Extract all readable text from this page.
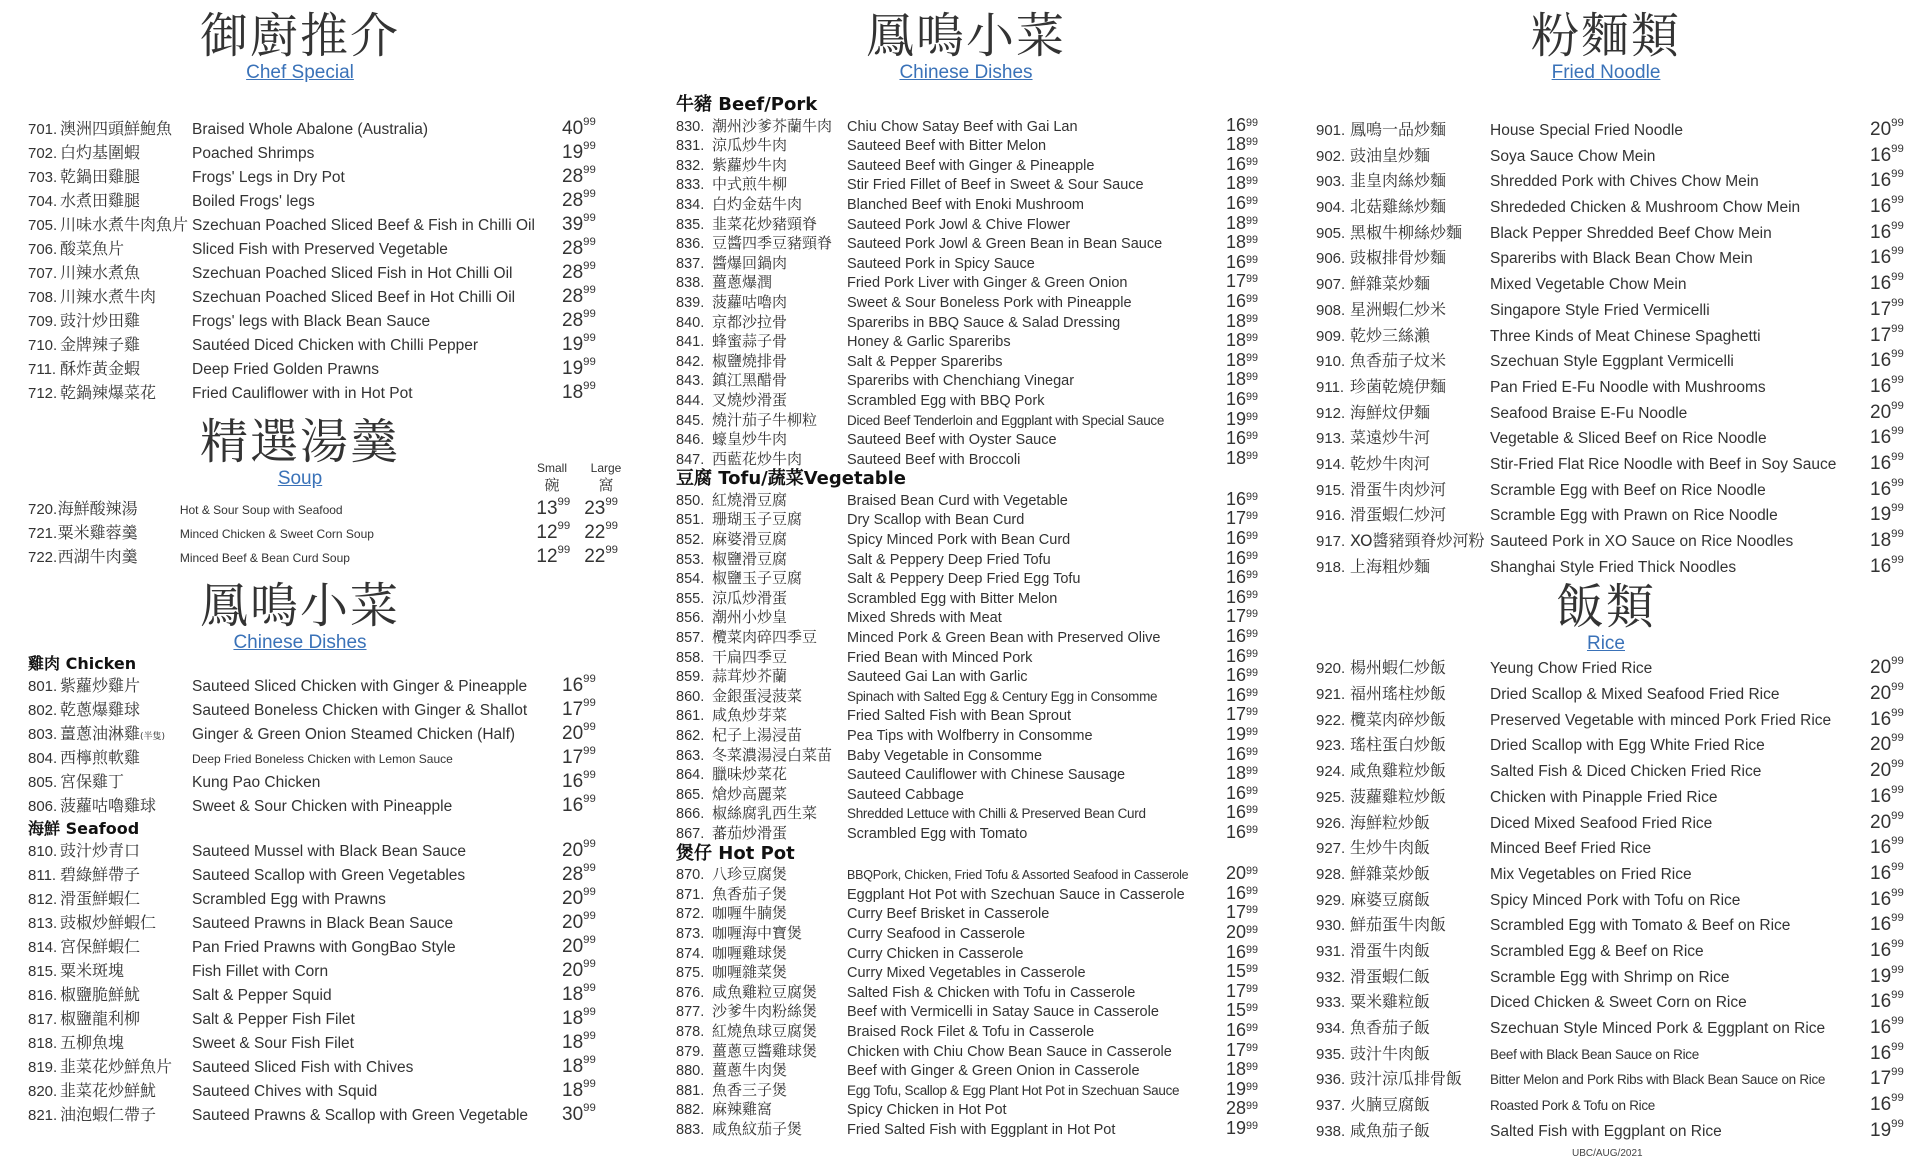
御廚推介
Chef Special
701. 澳洲四頭鮮鮑魚	Braised Whole Abalone (Australia)	$40^{99}$
702. 白灼基圍蝦	Poached Shrimps	$19^{99}$
703. 乾鍋田雞腿	Frogs' Legs in Dry Pot	$28^{99}$
704. 水煮田雞腿	Boiled Frogs' legs	$28^{99}$
705. 川味水煮牛肉魚片 Szechuan Poached Sliced Beef & Fish in Chilli Oil	$39^{99}$
706. 酸菜魚片	Sliced Fish with Preserved Vegetable	$28^{99}$
707. 川辣水煮魚	Szechuan Poached Sliced Fish in Hot Chilli Oil	$28^{99}$
708. 川辣水煮牛肉	Szechuan Poached Sliced Beef in Hot Chilli Oil	$28^{99}$
709. 豉汁炒田雞	Frogs' legs with Black Bean Sauce	$28^{99}$
710. 金牌辣子雞	Sautéed Diced Chicken with Chilli Pepper	$19^{99}$
711. 酥炸黃金蝦	Deep Fried Golden Prawns	$19^{99}$
712. 乾鍋辣爆菜花	Fried Cauliflower with in Hot Pot	$18^{99}$
精選湯羹
Soup	Small
碗
Large
窩
720. 海鮮酸辣湯	Hot & Sour Soup with Seafood	$13^{99}$ $23^{99}$
721. 粟米雞蓉羹	Minced Chicken & Sweet Corn Soup	$12^{99}$ $22^{99}$
722. 西湖牛肉羹	Minced Beef & Bean Curd Soup	$12^{99}$ $22^{99}$
鳳鳴小菜
Chinese Dishes
雞肉 Chicken
801. 紫蘿炒雞片	Sauteed Sliced Chicken with Ginger & Pineapple	$16^{99}$
802. 乾蔥爆雞球	Sauteed Boneless Chicken with Ginger & Shallot	$17^{99}$
803. 薑蔥油淋雞(半隻)	Ginger & Green Onion Steamed Chicken (Half)	$20^{99}$
804. 西檸煎軟雞	Deep Fried Boneless Chicken with Lemon Sauce	$17^{99}$
805. 宮保雞丁	Kung Pao Chicken	$16^{99}$
806. 菠蘿咕嚕雞球	Sweet & Sour Chicken with Pineapple	$16^{99}$
海鮮 Seafood
810. 豉汁炒青口	Sauteed Mussel with Black Bean Sauce	$20^{99}$
811. 碧綠鮮帶子	Sauteed Scallop with Green Vegetables	$28^{99}$
812. 滑蛋鮮蝦仁	Scrambled Egg with Prawns	$20^{99}$
813. 豉椒炒鮮蝦仁	Sauteed Prawns in Black Bean Sauce	$20^{99}$
814. 宮保鮮蝦仁	Pan Fried Prawns with GongBao Style	$20^{99}$
815. 粟米斑塊	Fish Fillet with Corn	$20^{99}$
816. 椒鹽脆鮮魷	Salt & Pepper Squid	$18^{99}$
817. 椒鹽龍利柳	Salt & Pepper Fish Filet	$18^{99}$
818. 五柳魚塊	Sweet & Sour Fish Filet	$18^{99}$
819. 韭菜花炒鮮魚片	Sauteed Sliced Fish with Chives	$18^{99}$
820. 韭菜花炒鮮魷	Sauteed Chives with Squid	$18^{99}$
821. 油泡蝦仁帶子	Sauteed Prawns & Scallop with Green Vegetable	$30^{99}$
鳳鳴小菜
Chinese Dishes
牛豬 Beef/Pork
830. 潮州沙爹芥蘭牛肉	Chiu Chow Satay Beef with Gai Lan	$16^{99}$
831. 涼瓜炒牛肉	Sauteed Beef with Bitter Melon	$18^{99}$
832. 紫蘿炒牛肉	Sauteed Beef with Ginger & Pineapple	$16^{99}$
833. 中式煎牛柳	Stir Fried Fillet of Beef in Sweet & Sour Sauce	$18^{99}$
834. 白灼金菇牛肉	Blanched Beef with Enoki Mushroom	$16^{99}$
835. 韭菜花炒豬頸脊	Sauteed Pork Jowl & Chive Flower	$18^{99}$
836. 豆醬四季豆豬頸脊	Sauteed Pork Jowl & Green Bean in Bean Sauce	$18^{99}$
837. 醬爆回鍋肉	Sauteed Pork in Spicy Sauce	$16^{99}$
838. 薑蔥爆潤	Fried Pork Liver with Ginger & Green Onion	$17^{99}$
839. 菠蘿咕嚕肉	Sweet & Sour Boneless Pork with Pineapple	$16^{99}$
840. 京都沙拉骨	Spareribs in BBQ Sauce & Salad Dressing	$18^{99}$
841. 蜂蜜蒜子骨	Honey & Garlic Spareribs	$18^{99}$
842. 椒鹽燒排骨	Salt & Pepper Spareribs	$18^{99}$
843. 鎮江黑醋骨	Spareribs with Chenchiang Vinegar	$18^{99}$
844. 叉燒炒滑蛋	Scrambled Egg with BBQ Pork	$16^{99}$
845. 燒汁茄子牛柳粒	Diced Beef Tenderloin and Eggplant with Special Sauce	$19^{99}$
846. 蠔皇炒牛肉	Sauteed Beef with Oyster Sauce	$16^{99}$
847. 西藍花炒牛肉	Sauteed Beef with Broccoli	$18^{99}$
豆腐 Tofu/蔬菜Vegetable
850. 紅燒滑豆腐	Braised Bean Curd with Vegetable	$16^{99}$
851. 珊瑚玉子豆腐	Dry Scallop with Bean Curd	$17^{99}$
852. 麻婆滑豆腐	Spicy Minced Pork with Bean Curd	$16^{99}$
853. 椒鹽滑豆腐	Salt & Peppery Deep Fried Tofu	$16^{99}$
854. 椒鹽玉子豆腐	Salt & Peppery Deep Fried Egg Tofu	$16^{99}$
855. 涼瓜炒滑蛋	Scrambled Egg with Bitter Melon	$16^{99}$
856. 潮州小炒皇	Mixed Shreds with Meat	$17^{99}$
857. 欖菜肉碎四季豆	Minced Pork & Green Bean with Preserved Olive	$16^{99}$
858. 干扁四季豆	Fried Bean with Minced Pork	$16^{99}$
859. 蒜茸炒芥蘭	Sauteed Gai Lan with Garlic	$16^{99}$
860. 金銀蛋浸菠菜	Spinach with Salted Egg & Century Egg in Consomme	$16^{99}$
861. 咸魚炒芽菜	Fried Salted Fish with Bean Sprout	$17^{99}$
862. 杞子上湯浸苗	Pea Tips with Wolfberry in Consomme	$19^{99}$
863. 冬菜濃湯浸白菜苗	Baby Vegetable in Consomme	$16^{99}$
864. 臘味炒菜花	Sauteed Cauliflower with Chinese Sausage	$18^{99}$
865. 熗炒高麗菜	Sauteed Cabbage	$16^{99}$
866. 椒絲腐乳西生菜	Shredded Lettuce with Chilli & Preserved Bean Curd	$16^{99}$
867. 蕃茄炒滑蛋	Scrambled Egg with Tomato	$16^{99}$
煲仔 Hot Pot
870. 八珍豆腐煲	BBQPork, Chicken, Fried Tofu & Assorted Seafood in Casserole	$20^{99}$
871. 魚香茄子煲	Eggplant Hot Pot with Szechuan Sauce in Casserole	$16^{99}$
872. 咖喱牛腩煲	Curry Beef Brisket in Casserole	$17^{99}$
873. 咖喱海中寶煲	Curry Seafood in Casserole	$20^{99}$
874. 咖喱雞球煲	Curry Chicken in Casserole	$16^{99}$
875. 咖喱雜菜煲	Curry Mixed Vegetables in Casserole	$15^{99}$
876. 咸魚雞粒豆腐煲	Salted Fish & Chicken with Tofu in Casserole	$17^{99}$
877. 沙爹牛肉粉絲煲	Beef with Vermicelli in Satay Sauce in Casserole	$15^{99}$
878. 紅燒魚球豆腐煲	Braised Rock Filet & Tofu in Casserole	$16^{99}$
879. 薑蔥豆醬雞球煲	Chicken with Chiu Chow Bean Sauce in Casserole	$17^{99}$
880. 薑蔥牛肉煲	Beef with Ginger & Green Onion in Casserole	$18^{99}$
881. 魚香三子煲	Egg Tofu, Scallop & Egg Plant Hot Pot in Szechuan Sauce	$19^{99}$
882. 麻辣雞窩	Spicy Chicken in Hot Pot	$28^{99}$
883. 咸魚紋茄子煲	Fried Salted Fish with Eggplant in Hot Pot	$19^{99}$
粉麵類
Fried Noodle
901. 鳳鳴一品炒麵	House Special Fried Noodle	$20^{99}$
902. 豉油皇炒麵	Soya Sauce Chow Mein	$16^{99}$
903. 韭皇肉絲炒麵	Shredded Pork with Chives Chow Mein	$16^{99}$
904. 北菇雞絲炒麵	Shrededed Chicken & Mushroom Chow Mein	$16^{99}$
905. 黑椒牛柳絲炒麵	Black Pepper Shredded Beef Chow Mein	$16^{99}$
906. 豉椒排骨炒麵	Spareribs with Black Bean Chow Mein	$16^{99}$
907. 鮮雜菜炒麵	Mixed Vegetable Chow Mein	$16^{99}$
908. 星洲蝦仁炒米	Singapore Style Fried Vermicelli	$17^{99}$
909. 乾炒三絲瀨	Three Kinds of Meat Chinese Spaghetti	$17^{99}$
910. 魚香茄子炆米	Szechuan Style Eggplant Vermicelli	$16^{99}$
911. 珍菌乾燒伊麵	Pan Fried E-Fu Noodle with Mushrooms	$16^{99}$
912. 海鮮炆伊麵	Seafood Braise E-Fu Noodle	$20^{99}$
913. 菜遠炒牛河	Vegetable & Sliced Beef on Rice Noodle	$16^{99}$
914. 乾炒牛肉河	Stir-Fried Flat Rice Noodle with Beef in Soy Sauce	$16^{99}$
915. 滑蛋牛肉炒河	Scramble Egg with Beef on Rice Noodle	$16^{99}$
916. 滑蛋蝦仁炒河	Scramble Egg with Prawn on Rice Noodle	$19^{99}$
917. XO醬豬頸脊炒河粉 Sauteed Pork in XO Sauce on Rice Noodles	$18^{99}$
918. 上海粗炒麵	Shanghai Style Fried Thick Noodles	$16^{99}$
飯類
Rice
920. 楊州蝦仁炒飯	Yeung Chow Fried Rice	$20^{99}$
921. 福州瑤柱炒飯	Dried Scallop & Mixed Seafood Fried Rice	$20^{99}$
922. 欖菜肉碎炒飯	Preserved Vegetable with minced Pork Fried Rice	$16^{99}$
923. 瑤柱蛋白炒飯	Dried Scallop with Egg White Fried Rice	$20^{99}$
924. 咸魚雞粒炒飯	Salted Fish & Diced Chicken Fried Rice	$20^{99}$
925. 菠蘿雞粒炒飯	Chicken with Pinapple Fried Rice	$16^{99}$
926. 海鮮粒炒飯	Diced Mixed Seafood Fried Rice	$20^{99}$
927. 生炒牛肉飯	Minced Beef Fried Rice	$16^{99}$
928. 鮮雜菜炒飯	Mix Vegetables on Fried Rice	$16^{99}$
929. 麻婆豆腐飯	Spicy Minced Pork with Tofu on Rice	$16^{99}$
930. 鮮茄蛋牛肉飯	Scrambled Egg with Tomato & Beef on Rice	$16^{99}$
931. 滑蛋牛肉飯	Scrambled Egg & Beef on Rice	$16^{99}$
932. 滑蛋蝦仁飯	Scramble Egg with Shrimp on Rice	$19^{99}$
933. 粟米雞粒飯	Diced Chicken & Sweet Corn on Rice	$16^{99}$
934. 魚香茄子飯	Szechuan Style Minced Pork & Eggplant on Rice	$16^{99}$
935. 豉汁牛肉飯	Beef with Black Bean Sauce on Rice	$16^{99}$
936. 豉汁涼瓜排骨飯	Bitter Melon and Pork Ribs with Black Bean Sauce on Rice	$17^{99}$
937. 火腩豆腐飯	Roasted Pork & Tofu on Rice	$16^{99}$
938. 咸魚茄子飯	Salted Fish with Eggplant on Rice	$19^{99}$
UBC/AUG/2021
